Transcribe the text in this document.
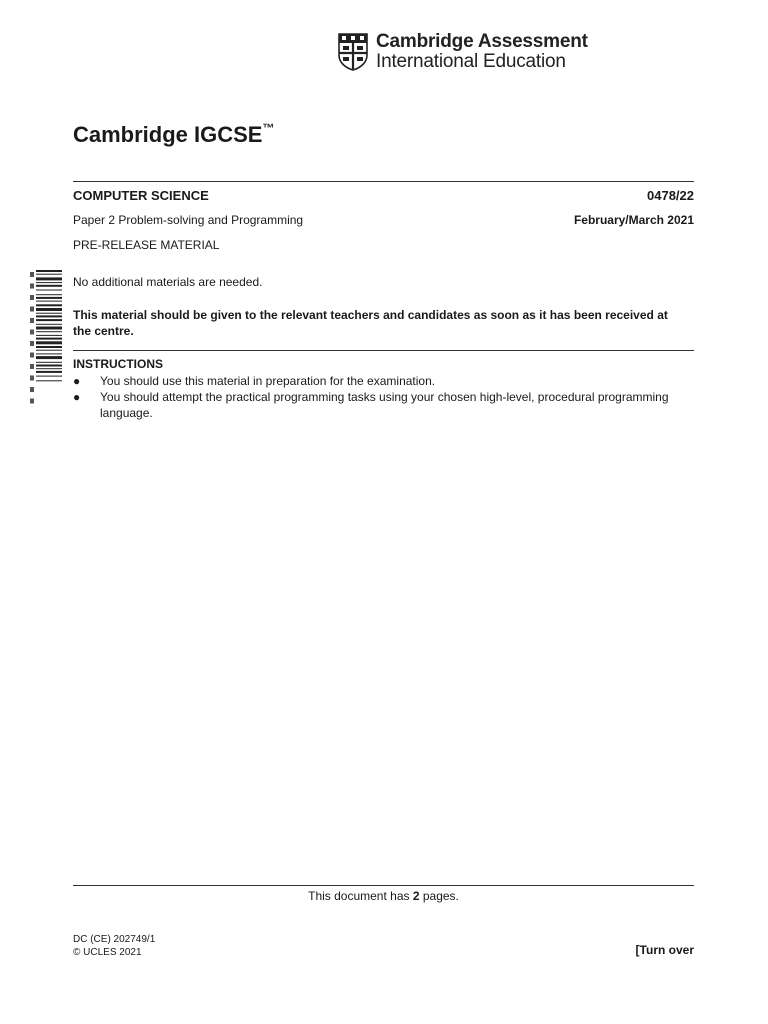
Cambridge Assessment
International Education
Cambridge IGCSE™
COMPUTER SCIENCE	0478/22
Paper 2 Problem-solving and Programming	February/March 2021
PRE-RELEASE MATERIAL
No additional materials are needed.
This material should be given to the relevant teachers and candidates as soon as it has been received at the centre.
INSTRUCTIONS
●	You should use this material in preparation for the examination.
●	You should attempt the practical programming tasks using your chosen high-level, procedural programming language.
This document has 2 pages.
DC (CE) 202749/1
© UCLES 2021	[Turn over
